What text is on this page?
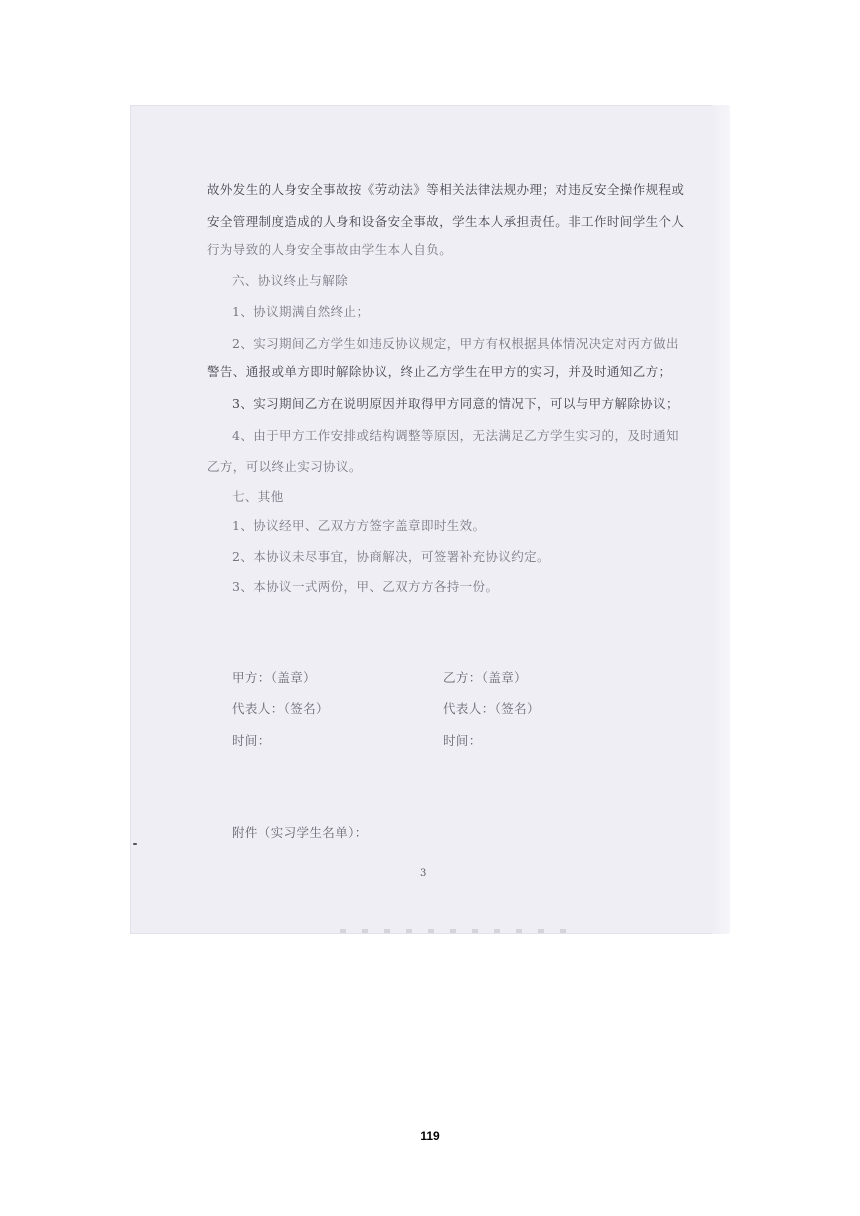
故外发生的人身安全事故按《劳动法》等相关法律法规办理；对违反安全操作规程或
安全管理制度造成的人身和设备安全事故，学生本人承担责任。非工作时间学生个人
行为导致的人身安全事故由学生本人自负。
六、协议终止与解除
1、协议期满自然终止；
2、实习期间乙方学生如违反协议规定，甲方有权根据具体情况决定对丙方做出
警告、通报或单方即时解除协议，终止乙方学生在甲方的实习，并及时通知乙方；
3、实习期间乙方在说明原因并取得甲方同意的情况下，可以与甲方解除协议；
4、由于甲方工作安排或结构调整等原因，无法满足乙方学生实习的，及时通知
乙方，可以终止实习协议。
七、其他
1、协议经甲、乙双方方签字盖章即时生效。
2、本协议未尽事宜，协商解决，可签署补充协议约定。
3、本协议一式两份，甲、乙双方方各持一份。
甲方：（盖章）	乙方：（盖章）
代表人：（签名）	代表人：（签名）
时间：	时间：
附件（实习学生名单）：
3
119
